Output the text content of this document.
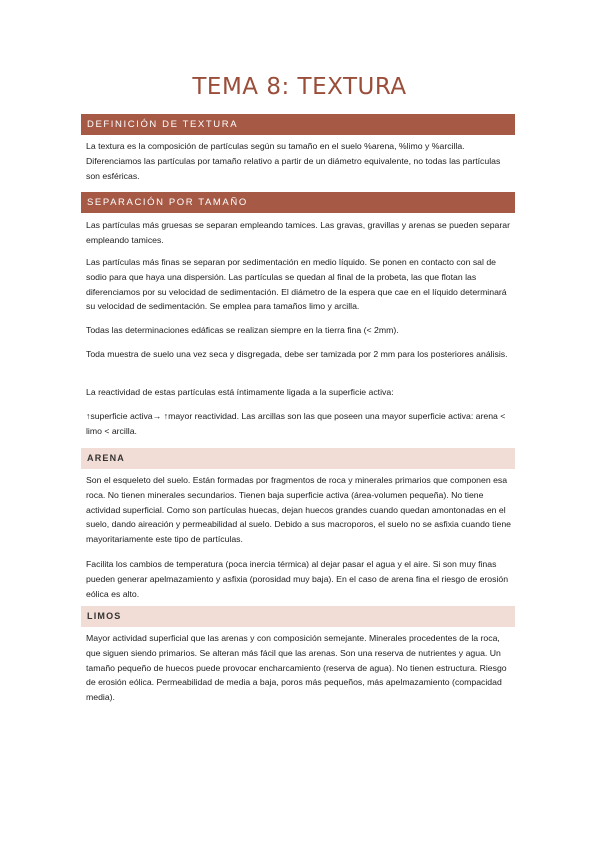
TEMA 8: TEXTURA
DEFINICIÓN DE TEXTURA

La textura es la composición de partículas según su tamaño en el suelo %arena, %limo y %arcilla. Diferenciamos las partículas por tamaño relativo a partir de un diámetro equivalente, no todas las partículas son esféricas.

SEPARACIÓN POR TAMAÑO

Las partículas más gruesas se separan empleando tamices. Las gravas, gravillas y arenas se pueden separar empleando tamices.

Las partículas más finas se separan por sedimentación en medio líquido. Se ponen en contacto con sal de sodio para que haya una dispersión. Las partículas se quedan al final de la probeta, las que flotan las diferenciamos por su velocidad de sedimentación. El diámetro de la espera que cae en el líquido determinará su velocidad de sedimentación. Se emplea para tamaños limo y arcilla.

Todas las determinaciones edáficas se realizan siempre en la tierra fina (< 2mm).

Toda muestra de suelo una vez seca y disgregada, debe ser tamizada por 2 mm para los posteriores análisis.

La reactividad de estas partículas está íntimamente ligada a la superficie activa:

↑superficie activa→ ↑mayor reactividad. Las arcillas son las que poseen una mayor superficie activa: arena < limo < arcilla.

ARENA

Son el esqueleto del suelo. Están formadas por fragmentos de roca y minerales primarios que componen esa roca. No tienen minerales secundarios. Tienen baja superficie activa (área-volumen pequeña). No tiene actividad superficial. Como son partículas huecas, dejan huecos grandes cuando quedan amontonadas en el suelo, dando aireación y permeabilidad al suelo. Debido a sus macroporos, el suelo no se asfixia cuando tiene mayoritariamente este tipo de partículas.

Facilita los cambios de temperatura (poca inercia térmica) al dejar pasar el agua y el aire. Si son muy finas pueden generar apelmazamiento y asfixia (porosidad muy baja). En el caso de arena fina el riesgo de erosión eólica es alto.

LIMOS

Mayor actividad superficial que las arenas y con composición semejante. Minerales procedentes de la roca, que siguen siendo primarios. Se alteran más fácil que las arenas. Son una reserva de nutrientes y agua. Un tamaño pequeño de huecos puede provocar encharcamiento (reserva de agua). No tienen estructura. Riesgo de erosión eólica. Permeabilidad de media a baja, poros más pequeños, más apelmazamiento (compacidad media).
